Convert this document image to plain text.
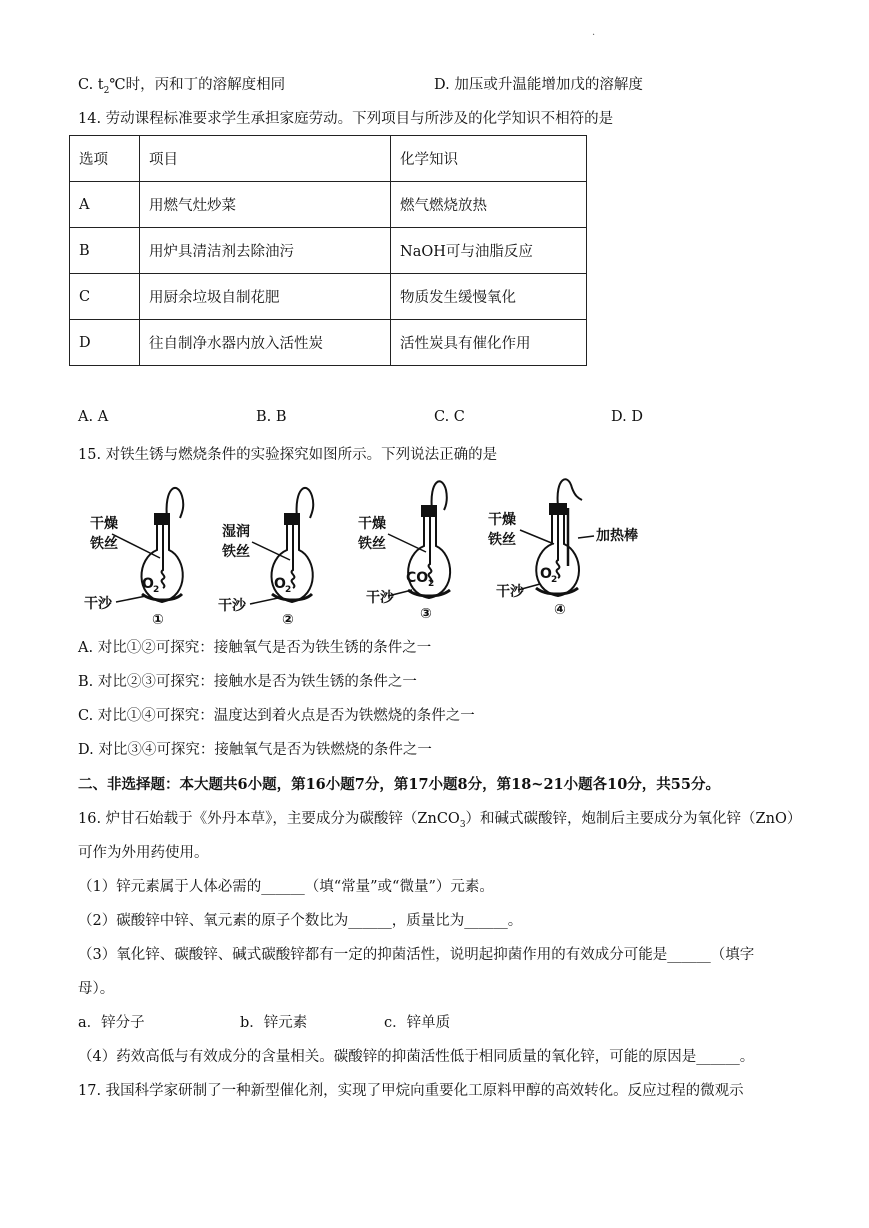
·
C. $t_2℃$时，丙和丁的溶解度相同	D. 加压或升温能增加戊的溶解度
14. 劳动课程标准要求学生承担家庭劳动。下列项目与所涉及的化学知识不相符的是
选项	项目	化学知识
A	用燃气灶炒菜	燃气燃烧放热
B	用炉具清洁剂去除油污	NaOH可与油脂反应
C	用厨余垃圾自制花肥	物质发生缓慢氧化
D	往自制净水器内放入活性炭	活性炭具有催化作用
A. A	B. B	C. C	D. D
15. 对铁生锈与燃烧条件的实验探究如图所示。下列说法正确的是
干燥
铁丝
O 2
干沙
①
湿润
铁丝
O 2
干沙
②
干燥
铁丝
CO 2
干沙
③
干燥
铁丝	加热棒
O 2
干沙
④
A. 对比①②可探究：接触氧气是否为铁生锈的条件之一
B. 对比②③可探究：接触水是否为铁生锈的条件之一
C. 对比①④可探究：温度达到着火点是否为铁燃烧的条件之一
D. 对比③④可探究：接触氧气是否为铁燃烧的条件之一
二、非选择题：本大题共6小题，第16小题7分，第17小题8分，第18~21小题各10分，共55分。
16. 炉甘石始载于《外丹本草》，主要成分为碳酸锌（ZnCO$_3$）和碱式碳酸锌，炮制后主要成分为氧化锌（ZnO）
可作为外用药使用。
（1）锌元素属于人体必需的______（填“常量”或“微量”）元素。
（2）碳酸锌中锌、氧元素的原子个数比为______，质量比为______。
（3）氧化锌、碳酸锌、碱式碳酸锌都有一定的抑菌活性，说明起抑菌作用的有效成分可能是______（填字
母）。
a．锌分子	b．锌元素	c．锌单质
（4）药效高低与有效成分的含量相关。碳酸锌的抑菌活性低于相同质量的氧化锌，可能的原因是______。
17. 我国科学家研制了一种新型催化剂，实现了甲烷向重要化工原料甲醇的高效转化。反应过程的微观示
